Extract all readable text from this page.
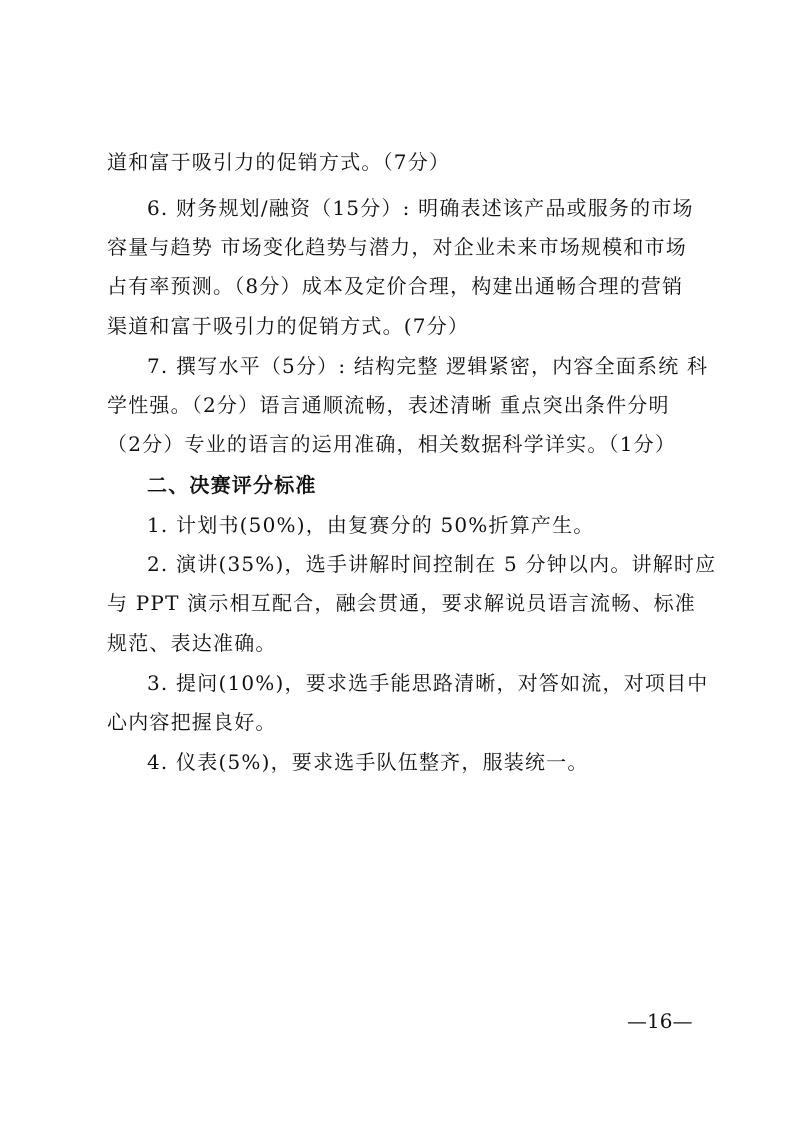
道和富于吸引力的促销方式。（7分）
6. 财务规划/融资（15分）: 明确表述该产品或服务的市场
容量与趋势 市场变化趋势与潜力，对企业未来市场规模和市场
占有率预测。（8分）成本及定价合理，构建出通畅合理的营销
渠道和富于吸引力的促销方式。(7分）
7. 撰写水平（5分）: 结构完整 逻辑紧密，内容全面系统 科
学性强。（2分）语言通顺流畅，表述清晰 重点突出条件分明
（2分）专业的语言的运用准确，相关数据科学详实。（1分）
二、决赛评分标准
1. 计划书(50%)，由复赛分的 50%折算产生。
2. 演讲(35%)，选手讲解时间控制在 5 分钟以内。讲解时应
与 PPT 演示相互配合，融会贯通，要求解说员语言流畅、标准
规范、表达准确。
3. 提问(10%)，要求选手能思路清晰，对答如流，对项目中
心内容把握良好。
4. 仪表(5%)，要求选手队伍整齐，服装统一。
—16—
